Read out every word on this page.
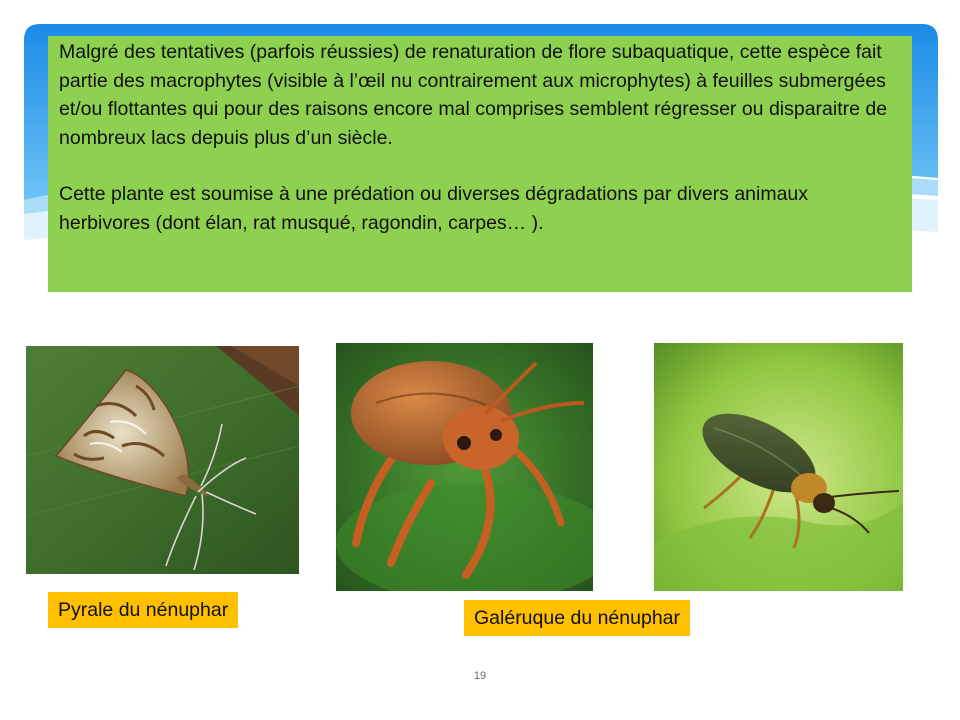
Malgré des tentatives (parfois réussies) de renaturation de flore subaquatique, cette espèce fait partie des macrophytes (visible à l’œil nu contrairement aux microphytes) à feuilles submergées et/ou flottantes qui pour des raisons encore mal comprises semblent régresser ou disparaitre de nombreux lacs depuis plus d’un siècle.

Cette plante est soumise à une prédation ou diverses dégradations par divers animaux herbivores (dont élan, rat musqué, ragondin, carpes… ).

Pyrale du nénuphar	Galéruque du nénuphar
19
